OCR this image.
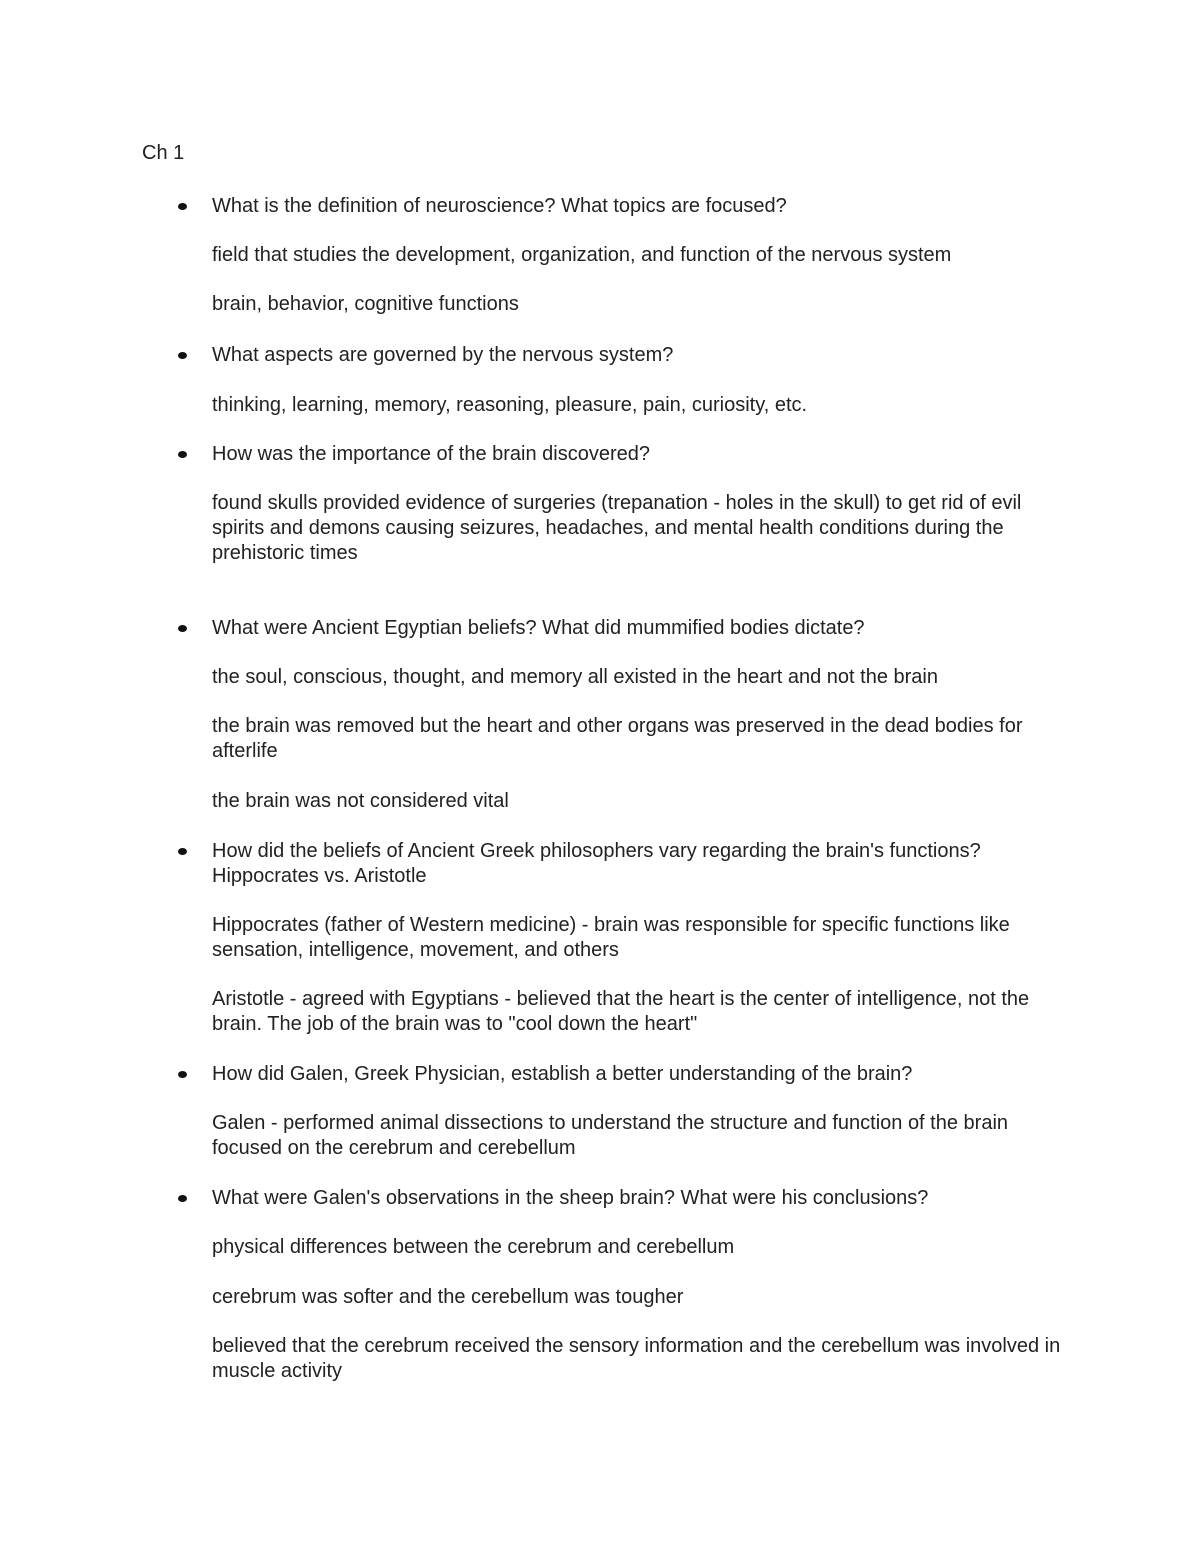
Ch 1

What is the definition of neuroscience? What topics are focused?

field that studies the development, organization, and function of the nervous system

brain, behavior, cognitive functions

What aspects are governed by the nervous system?

thinking, learning, memory, reasoning, pleasure, pain, curiosity, etc.

How was the importance of the brain discovered?

found skulls provided evidence of surgeries (trepanation - holes in the skull) to get rid of evil spirits and demons causing seizures, headaches, and mental health conditions during the prehistoric times

What were Ancient Egyptian beliefs? What did mummified bodies dictate?

the soul, conscious, thought, and memory all existed in the heart and not the brain

the brain was removed but the heart and other organs was preserved in the dead bodies for afterlife

the brain was not considered vital

How did the beliefs of Ancient Greek philosophers vary regarding the brain's functions? Hippocrates vs. Aristotle

Hippocrates (father of Western medicine) - brain was responsible for specific functions like sensation, intelligence, movement, and others

Aristotle - agreed with Egyptians - believed that the heart is the center of intelligence, not the brain. The job of the brain was to "cool down the heart"

How did Galen, Greek Physician, establish a better understanding of the brain?

Galen - performed animal dissections to understand the structure and function of the brain focused on the cerebrum and cerebellum

What were Galen's observations in the sheep brain? What were his conclusions?

physical differences between the cerebrum and cerebellum

cerebrum was softer and the cerebellum was tougher

believed that the cerebrum received the sensory information and the cerebellum was involved in muscle activity
